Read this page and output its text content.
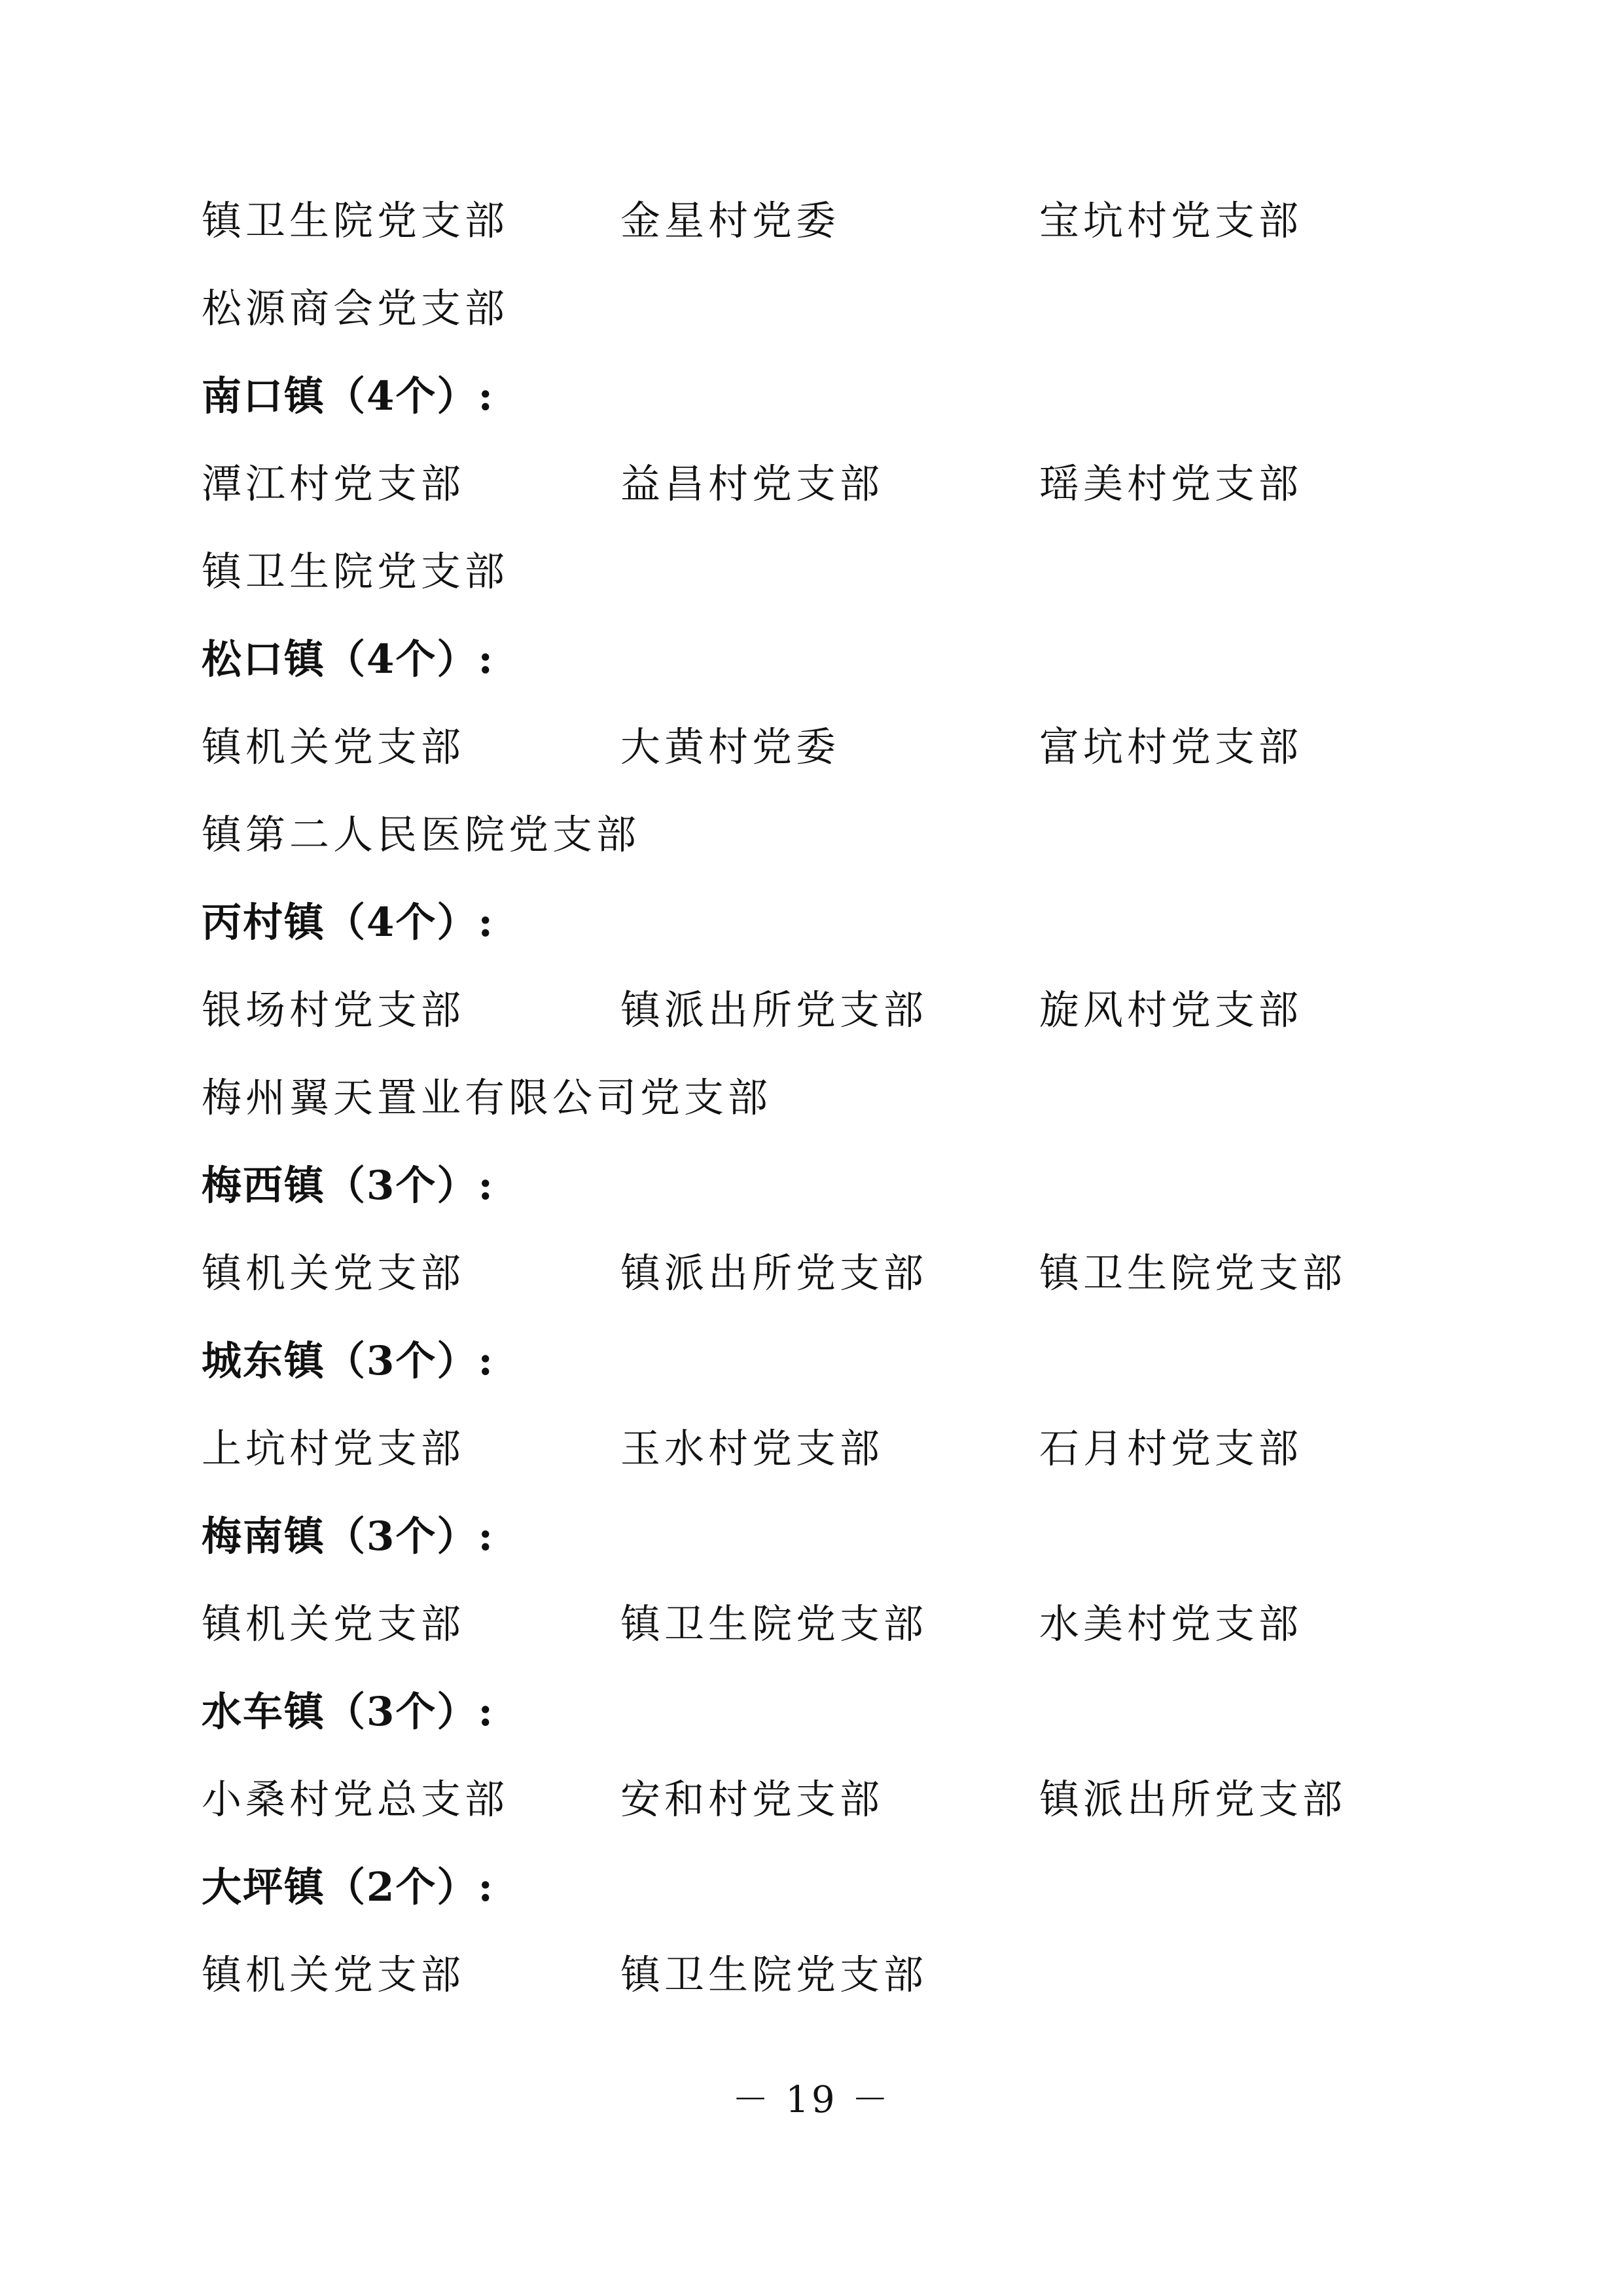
镇卫生院党支部	金星村党委	宝坑村党支部
松源商会党支部
南口镇（4个）:
潭江村党支部	益昌村党支部	瑶美村党支部
镇卫生院党支部
松口镇（4个）:
镇机关党支部	大黄村党委	富坑村党支部
镇第二人民医院党支部
丙村镇（4个）:
银场村党支部	镇派出所党支部	旋风村党支部
梅州翼天置业有限公司党支部
梅西镇（3个）:
镇机关党支部	镇派出所党支部	镇卫生院党支部
城东镇（3个）:
上坑村党支部	玉水村党支部	石月村党支部
梅南镇（3个）:
镇机关党支部	镇卫生院党支部	水美村党支部
水车镇（3个）:
小桑村党总支部	安和村党支部	镇派出所党支部
大坪镇（2个）:
镇机关党支部	镇卫生院党支部
－ 19 －
